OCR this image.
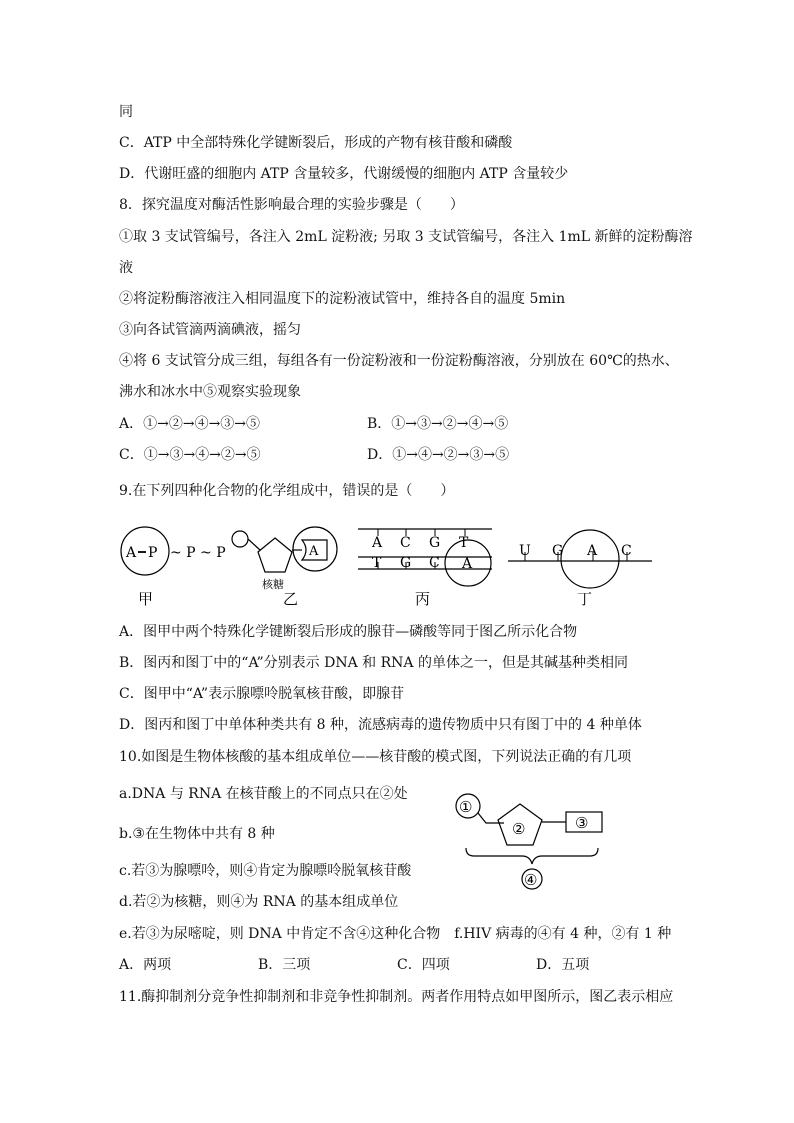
同
C．ATP 中全部特殊化学键断裂后，形成的产物有核苷酸和磷酸
D．代谢旺盛的细胞内 ATP 含量较多，代谢缓慢的细胞内 ATP 含量较少
8．探究温度对酶活性影响最合理的实验步骤是（　　）
①取 3 支试管编号，各注入 2mL 淀粉液; 另取 3 支试管编号，各注入 1mL 新鲜的淀粉酶溶
液
②将淀粉酶溶液注入相同温度下的淀粉液试管中，维持各自的温度 5min
③向各试管滴两滴碘液，摇匀
④将 6 支试管分成三组，每组各有一份淀粉液和一份淀粉酶溶液，分别放在 60℃的热水、
沸水和冰水中⑤观察实验现象
A．①→②→④→③→⑤	B．①→③→②→④→⑤
C．①→③→④→②→⑤	D．①→④→②→③→⑤
9.在下列四种化合物的化学组成中，错误的是（　　）
A P ~ P ~ P	A
核糖
A C G T
T G C A
U G A C
甲	乙	丙	丁
A．图甲中两个特殊化学键断裂后形成的腺苷—磷酸等同于图乙所示化合物
B．图丙和图丁中的“A”分别表示 DNA 和 RNA 的单体之一，但是其碱基种类相同
C．图甲中“A”表示腺嘌呤脱氧核苷酸，即腺苷
D．图丙和图丁中单体种类共有 8 种，流感病毒的遗传物质中只有图丁中的 4 种单体
10.如图是生物体核酸的基本组成单位——核苷酸的模式图，下列说法正确的有几项
a.DNA 与 RNA 在核苷酸上的不同点只在②处
b.③在生物体中共有 8 种
c.若③为腺嘌呤，则④肯定为腺嘌呤脱氧核苷酸
d.若②为核糖，则④为 RNA 的基本组成单位
e.若③为尿嘧啶，则 DNA 中肯定不含④这种化合物　f.HIV 病毒的④有 4 种，②有 1 种
①
②	③
④
A．两项	B．三项	C．四项	D．五项
11.酶抑制剂分竞争性抑制剂和非竞争性抑制剂。两者作用特点如甲图所示，图乙表示相应
